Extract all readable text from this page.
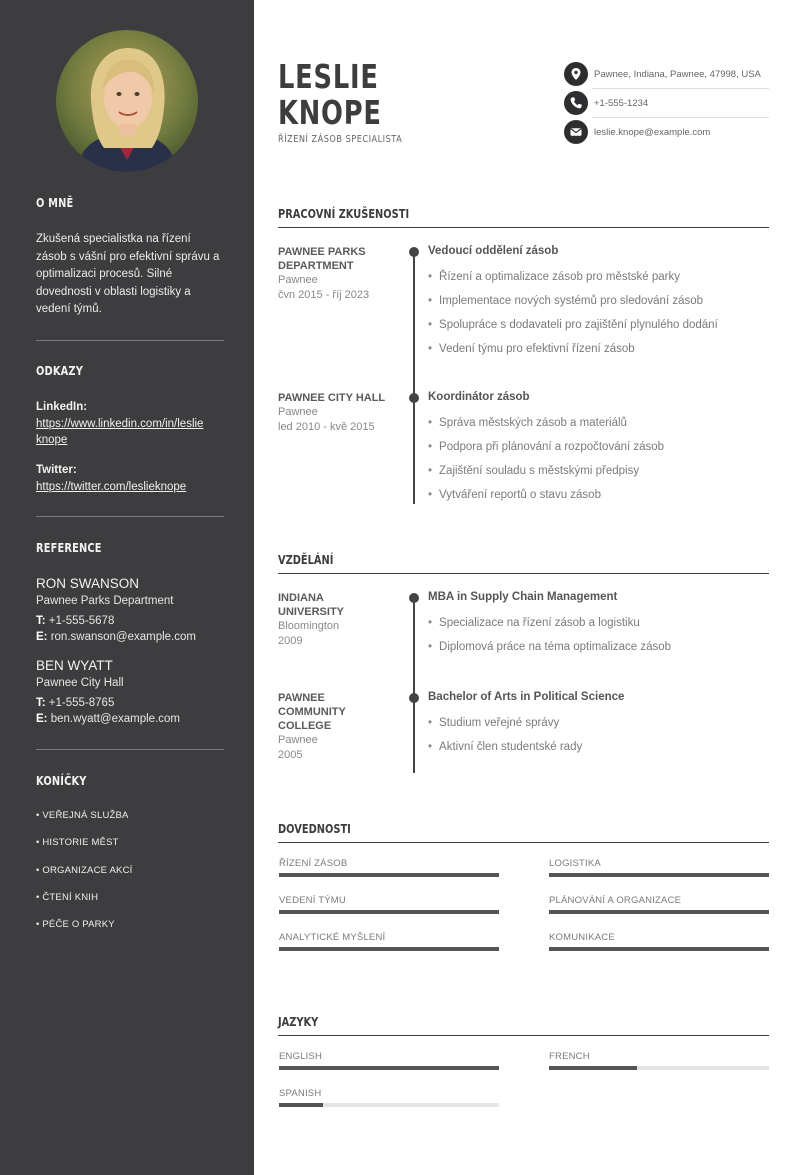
O MNĚ
Zkušená specialistka na řízení zásob s vášní pro efektivní správu a optimalizaci procesů. Silné dovednosti v oblasti logistiky a vedení týmů.
ODKAZY
LinkedIn:
https://www.linkedin.com/in/leslie
knope
Twitter:
https://twitter.com/leslieknope
REFERENCE
RON SWANSON
Pawnee Parks Department
T: +1-555-5678
E: ron.swanson@example.com
BEN WYATT
Pawnee City Hall
T: +1-555-8765
E: ben.wyatt@example.com
KONÍČKY
• VEŘEJNÁ SLUŽBA
• HISTORIE MĚST
• ORGANIZACE AKCÍ
• ČTENÍ KNIH
• PÉČE O PARKY
LESLIE
KNOPE
ŘÍZENÍ ZÁSOB SPECIALISTA
Pawnee, Indiana, Pawnee, 47998, USA
+1-555-1234
leslie.knope@example.com
PRACOVNÍ ZKUŠENOSTI
PAWNEE PARKS DEPARTMENT
Pawnee
čvn 2015 - říj 2023
Vedoucí oddělení zásob
• Řízení a optimalizace zásob pro městské parky
• Implementace nových systémů pro sledování zásob
• Spolupráce s dodavateli pro zajištění plynulého dodání
• Vedení týmu pro efektivní řízení zásob
PAWNEE CITY HALL
Pawnee
led 2010 - kvě 2015
Koordinátor zásob
• Správa městských zásob a materiálů
• Podpora při plánování a rozpočtování zásob
• Zajištění souladu s městskými předpisy
• Vytváření reportů o stavu zásob
VZDĚLÁNÍ
INDIANA UNIVERSITY
Bloomington
2009
MBA in Supply Chain Management
• Specializace na řízení zásob a logistiku
• Diplomová práce na téma optimalizace zásob
PAWNEE COMMUNITY COLLEGE
Pawnee
2005
Bachelor of Arts in Political Science
• Studium veřejné správy
• Aktivní člen studentské rady
DOVEDNOSTI
ŘÍZENÍ ZÁSOB	LOGISTIKA
VEDENÍ TÝMU	PLÁNOVÁNÍ A ORGANIZACE
ANALYTICKÉ MYŠLENÍ	KOMUNIKACE
JAZYKY
ENGLISH	FRENCH
SPANISH
